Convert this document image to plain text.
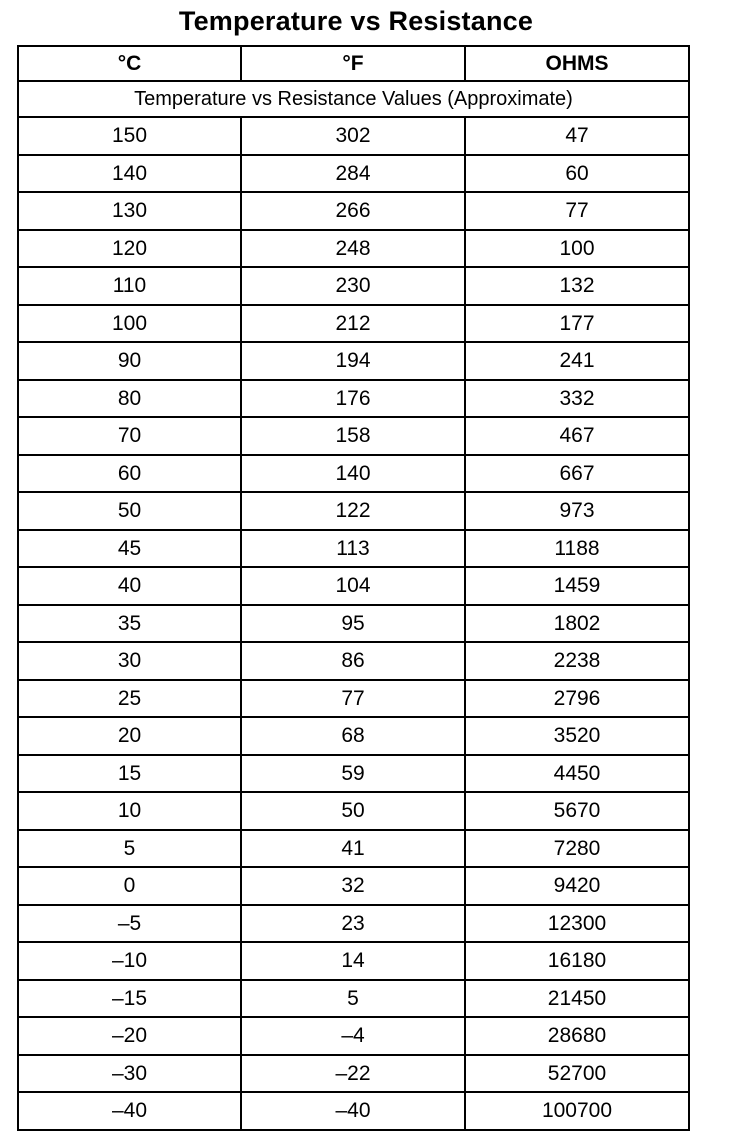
Temperature vs Resistance
°C	°F	OHMS
Temperature vs Resistance Values (Approximate)		
150	302	47
140	284	60
130	266	77
120	248	100
110	230	132
100	212	177
90	194	241
80	176	332
70	158	467
60	140	667
50	122	973
45	113	1188
40	104	1459
35	95	1802
30	86	2238
25	77	2796
20	68	3520
15	59	4450
10	50	5670
5	41	7280
0	32	9420
–5	23	12300
–10	14	16180
–15	5	21450
–20	–4	28680
–30	–22	52700
–40	–40	100700
